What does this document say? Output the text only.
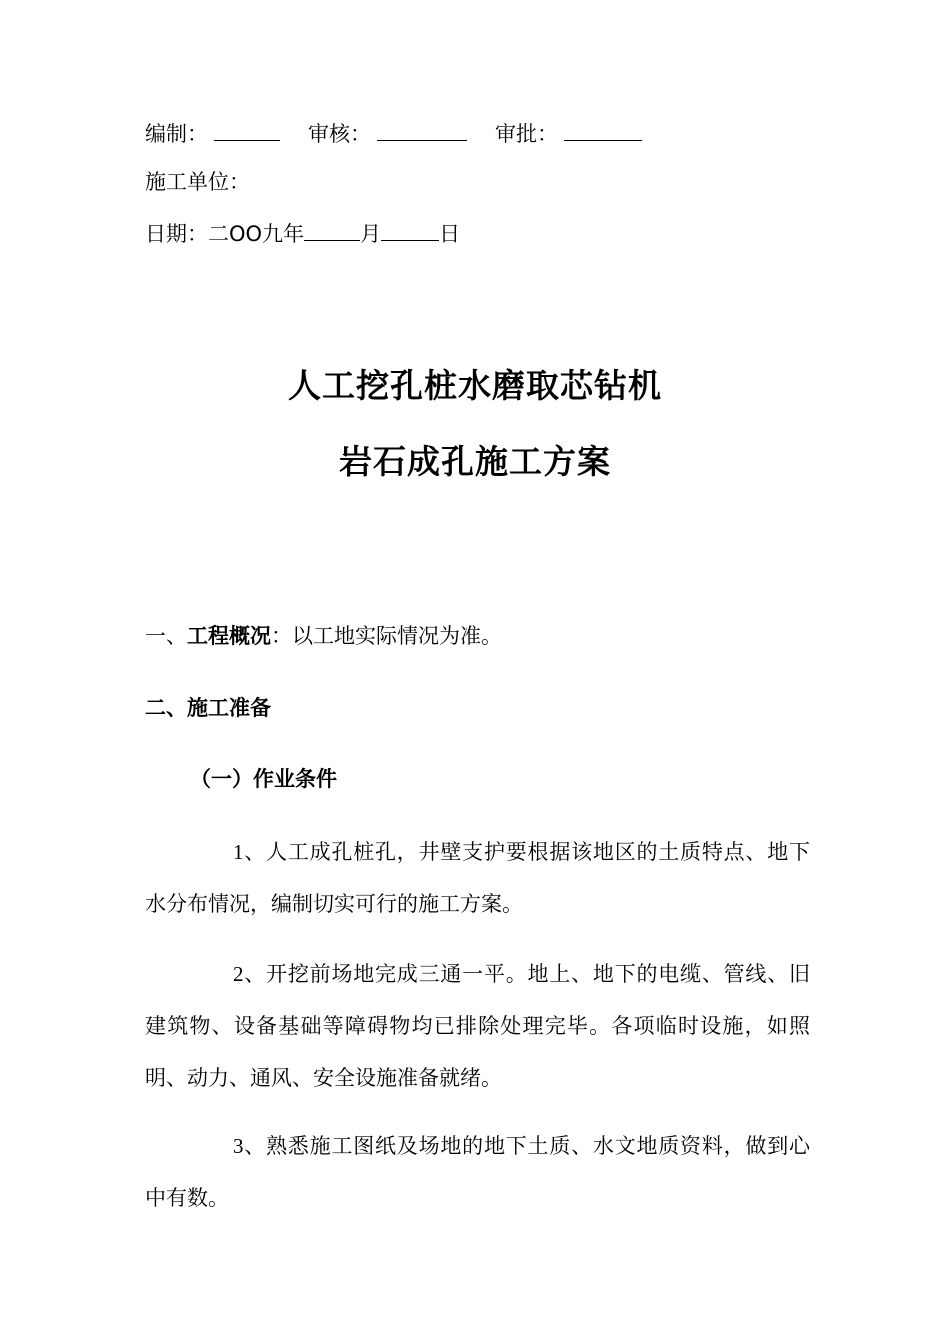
编制：	审核：	审批：
施工单位：
日期：二OO九年	月	日
人工挖孔桩水磨取芯钻机
岩石成孔施工方案
一、工程概况：以工地实际情况为准。
二、施工准备
（一）作业条件
1、人工成孔桩孔，井壁支护要根据该地区的土质特点、地下水分布情况，编制切实可行的施工方案。
2、开挖前场地完成三通一平。地上、地下的电缆、管线、旧建筑物、设备基础等障碍物均已排除处理完毕。各项临时设施，如照明、动力、通风、安全设施准备就绪。
3、熟悉施工图纸及场地的地下土质、水文地质资料，做到心中有数。
